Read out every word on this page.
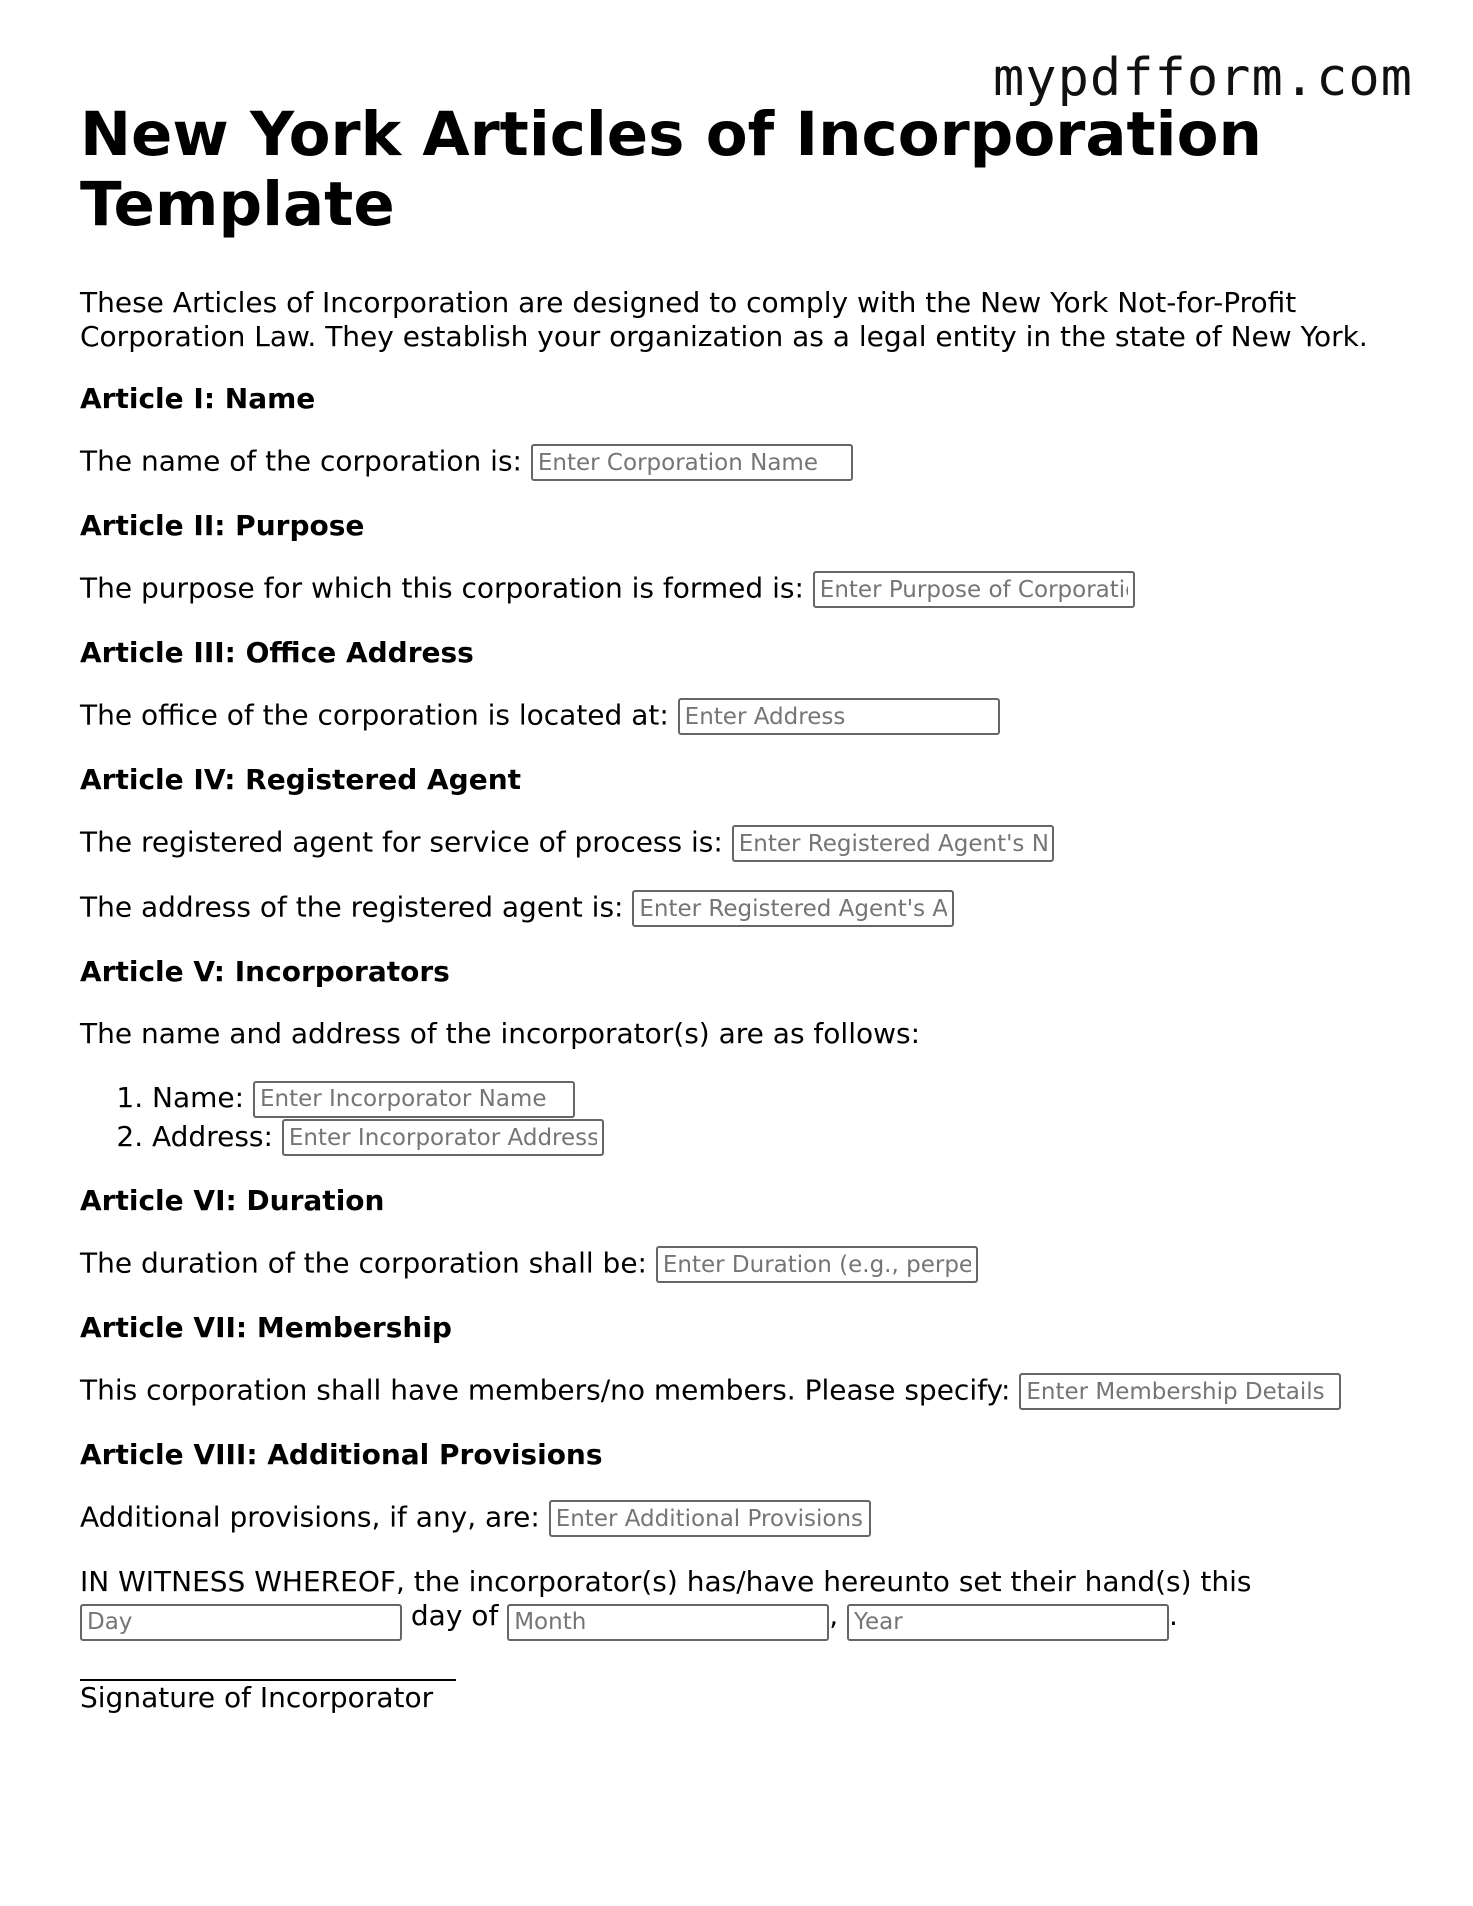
mypdfform.com
New York Articles of Incorporation Template

These Articles of Incorporation are designed to comply with the New York Not-for-Profit Corporation Law. They establish your organization as a legal entity in the state of New York.

Article I: Name
The name of the corporation is: Enter Corporation Name
Article II: Purpose
The purpose for which this corporation is formed is: Enter Purpose of Corporation
Article III: Office Address
The office of the corporation is located at: Enter Address
Article IV: Registered Agent
The registered agent for service of process is: Enter Registered Agent's Name
The address of the registered agent is: Enter Registered Agent's Address
Article V: Incorporators
The name and address of the incorporator(s) are as follows:
1. Name: Enter Incorporator Name
2. Address: Enter Incorporator Address
Article VI: Duration
The duration of the corporation shall be: Enter Duration (e.g., perpetual)
Article VII: Membership
This corporation shall have members/no members. Please specify: Enter Membership Details
Article VIII: Additional Provisions
Additional provisions, if any, are: Enter Additional Provisions
IN WITNESS WHEREOF, the incorporator(s) has/have hereunto set their hand(s) this
Day day of Month	, Year	.
Signature of Incorporator
